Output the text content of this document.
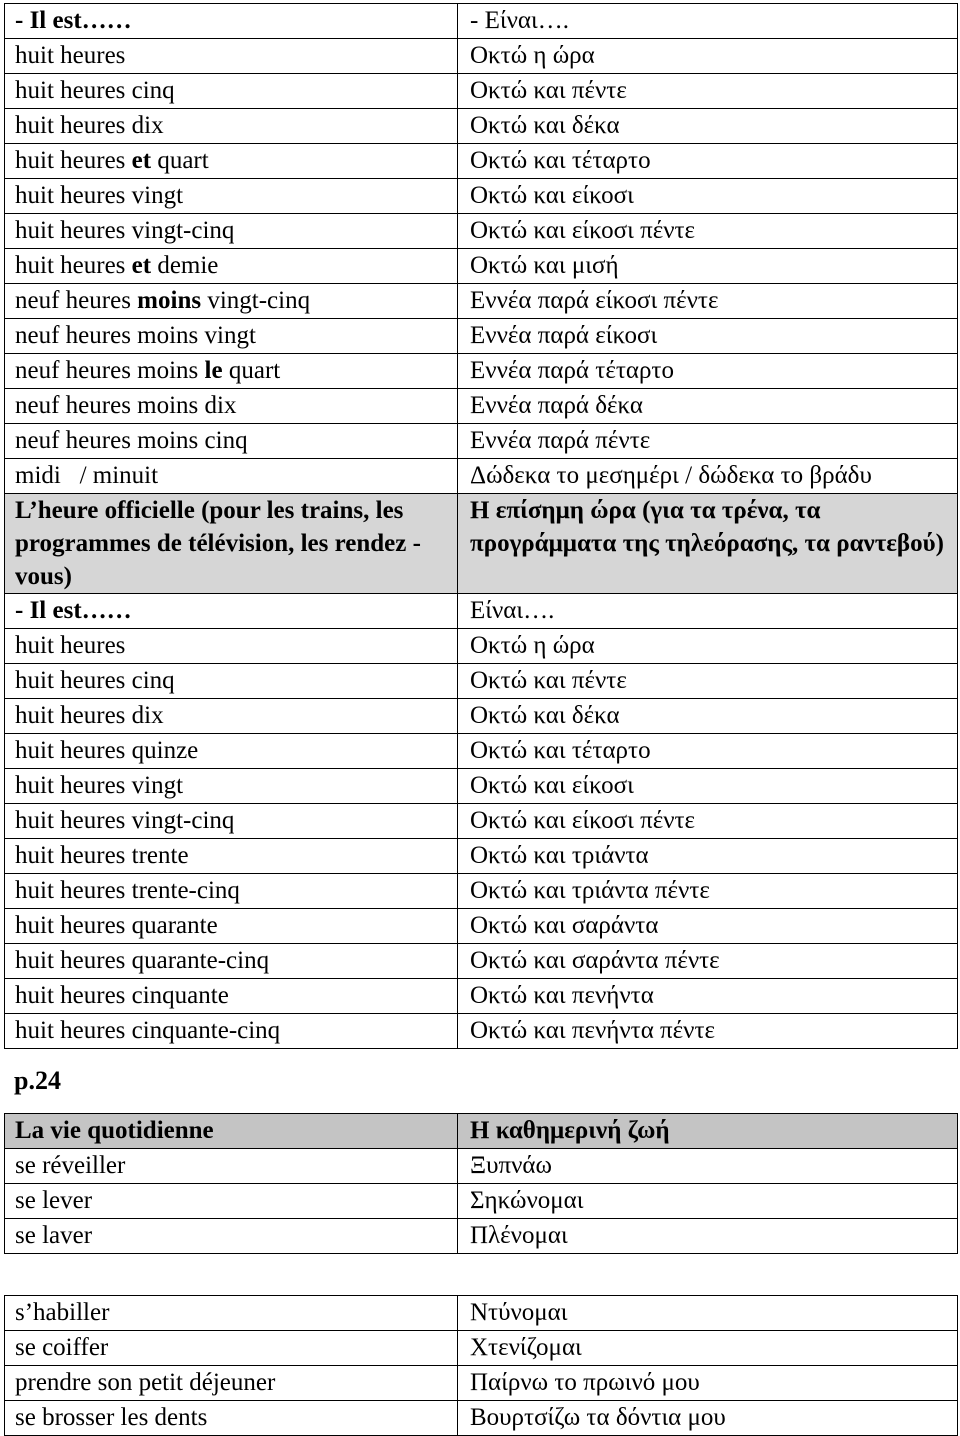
- Il est……	- Είναι….
huit heures	Οκτώ η ώρα
huit heures cinq	Οκτώ και πέντε
huit heures dix	Οκτώ και δέκα
huit heures et quart	Οκτώ και τέταρτο
huit heures vingt	Οκτώ και είκοσι
huit heures vingt-cinq	Οκτώ και είκοσι πέντε
huit heures et demie	Οκτώ και μισή
neuf heures moins vingt-cinq	Εννέα παρά είκοσι πέντε
neuf heures moins vingt	Εννέα παρά είκοσι
neuf heures moins le quart	Εννέα παρά τέταρτο
neuf heures moins dix	Εννέα παρά δέκα
neuf heures moins cinq	Εννέα παρά πέντε
midi   / minuit	Δώδεκα το μεσημέρι / δώδεκα το βράδυ
L’heure officielle (pour les trains, les programmes de télévision, les rendez -vous)	Η επίσημη ώρα (για τα τρένα, τα προγράμματα της τηλεόρασης, τα ραντεβού)
- Il est……	Είναι….
huit heures	Οκτώ η ώρα
huit heures cinq	Οκτώ και πέντε
huit heures dix	Οκτώ και δέκα
huit heures quinze	Οκτώ και τέταρτο
huit heures vingt	Οκτώ και είκοσι
huit heures vingt-cinq	Οκτώ και είκοσι πέντε
huit heures trente	Οκτώ και τριάντα
huit heures trente-cinq	Οκτώ και τριάντα πέντε
huit heures quarante	Οκτώ και σαράντα
huit heures quarante-cinq	Οκτώ και σαράντα πέντε
huit heures cinquante	Οκτώ και πενήντα
huit heures cinquante-cinq	Οκτώ και πενήντα πέντε
p.24
La vie quotidienne	Η καθημερινή ζωή
se réveiller	Ξυπνάω
se lever	Σηκώνομαι
se laver	Πλένομαι
s’habiller	Ντύνομαι
se coiffer	Χτενίζομαι
prendre son petit déjeuner	Παίρνω το πρωινό μου
se brosser les dents	Βουρτσίζω τα δόντια μου
